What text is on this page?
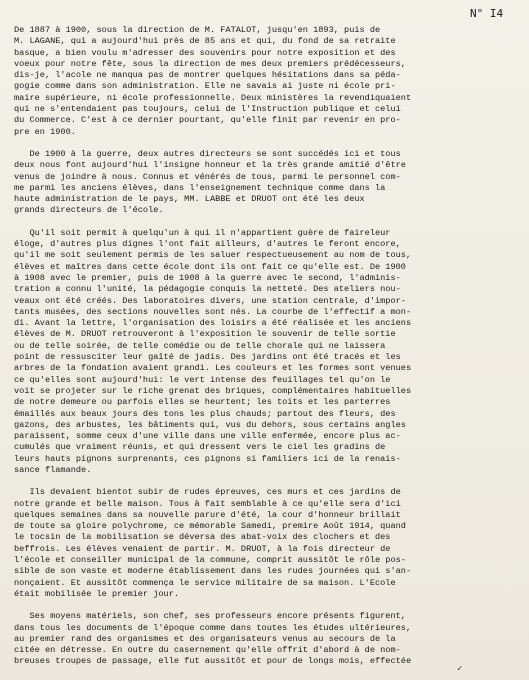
N° I4
De 1887 à 1900, sous la direction de M. FATALOT, jusqu'en 1893, puis de
M. LAGANE, qui a aujourd'hui près de 85 ans et qui, du fond de sa retraite
basque, a bien voulu m'adresser des souvenirs pour notre exposition et des
voeux pour notre fête, sous la direction de mes deux premiers prédécesseurs,
dis-je, l'acole ne manqua pas de montrer quelques hésitations dans sa péda-
gogie comme dans son administration. Elle ne savais ai juste ni école pri-
maire supérieure, ni école professionnelle. Deux ministères la revendiquaient
qui ne s'entendaient pas toujours, celui de l'Instruction publique et celui
du Commerce. C'est à ce dernier pourtant, qu'elle finit par revenir en pro-
pre en 1900.
De 1900 à la guerre, deux autres directeurs se sont succédés ici et tous
deux nous font aujourd'hui l'insigne honneur et la très grande amitié d'être
venus de joindre à nous. Connus et vénérés de tous, parmi le personnel com-
me parmi les anciens élèves, dans l'enseignement technique comme dans la
haute administration de le pays, MM. LABBE et DRUOT ont été les deux
grands directeurs de l'école.
Qu'il soit permit à quelqu'un à qui il n'appartient guère de faireleur
éloge, d'autres plus dignes l'ont fait ailleurs, d'autres le feront encore,
qu'il me soit seulement permis de les saluer respectueusement au nom de tous,
élèves et maîtres dans cette école dont ils ont fait ce qu'elle est. De 1900
à 1908 avec le premier, puis de 1908 à la guerre avec le second, l'adminis-
tration a connu l'unité, la pédagogie conquis la netteté. Des ateliers nou-
veaux ont été créés. Des laboratoires divers, une station centrale, d'impor-
tants musées, des sections nouvelles sont nés. La courbe de l'effectif a mon-
di. Avant la lettre, l'organisation des loisirs a été réalisée et les anciens
élèves de M. DRUOT retrouveront à l'exposition le souvenir de telle sortie
ou de telle soirée, de telle comédie ou de telle chorale qui ne laissera
point de ressusciter leur gaîté de jadis. Des jardins ont été tracés et les
arbres de la fondation avaient grandi. Les couleurs et les formes sont venues
ce qu'elles sont aujourd'hui: le vert intense des feuillages tel qu'on le
voit se projeter sur le riche grenat des briques, complémentaires habituelles
de notre demeure ou parfois elles se heurtent; les toits et les parterres
émaillés aux beaux jours des tons les plus chauds; partout des fleurs, des
gazons, des arbustes, les bâtiments qui, vus du dehors, sous certains angles
paraissent, somme ceux d'une ville dans une ville enfermée, encore plus ac-
cumulés que vraiment réunis, et qui dressent vers le ciel les gradins de
leurs hauts pignons surprenants, ces pignons si familiers ici de la renais-
sance flamande.
Ils devaient bientot subir de rudes épreuves, ces murs et ces jardins de
notre grande et belle maison. Tous à fait semblable à ce qu'elle sera d'ici
quelques semaines dans sa nouvelle parure d'été, la cour d'honneur brillait
de toute sa gloire polychrome, ce mémorable Samedi, premire Août 1914, quand
le tocsin de la mobilisation se déversa des abat-voix des clochers et des
beffrois. Les élèves venaient de partir. M. DRUOT, à la fois directeur de
l'école et conseiller municipal de la commune, comprit aussitôt le rôle pos-
sible de son vaste et moderne établissement dans les rudes journées qui s'an-
nonçaient. Et aussitôt commença le service militaire de sa maison. L'Ecole
était mobilisée le premier jour.
Ses moyens matériels, son chef, ses professeurs encore présents figurent,
dans tous les documents de l'époque comme dans toutes les études ultérieures,
au premier rand des organismes et des organisateurs venus au secours de la
citée en détresse. En outre du casernement qu'elle offrit d'abord à de nom-
breuses troupes de passage, elle fut aussitôt et pour de longs mois, effectée
✓
